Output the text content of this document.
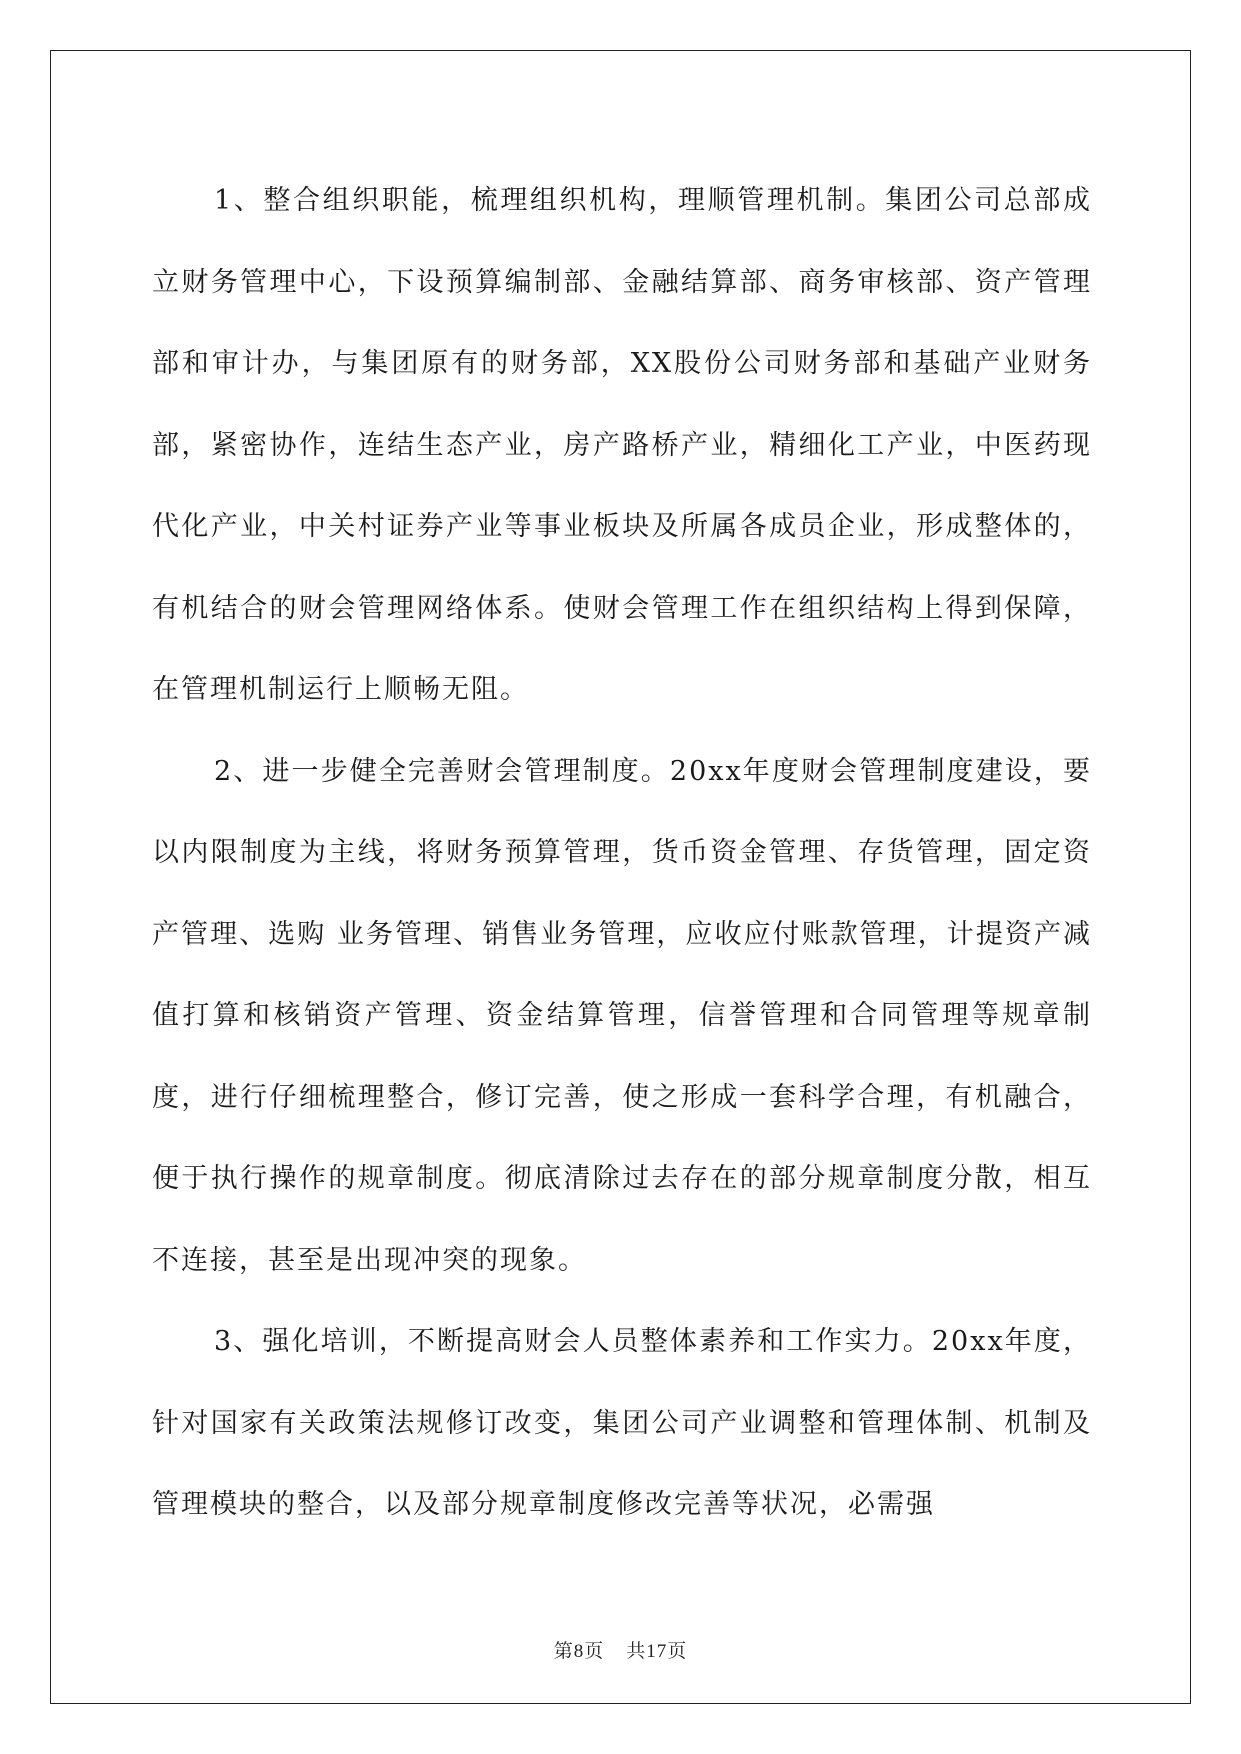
1、整合组织职能，梳理组织机构，理顺管理机制。集团公司总部成立财务管理中心，下设预算编制部、金融结算部、商务审核部、资产管理部和审计办，与集团原有的财务部，XX股份公司财务部和基础产业财务部，紧密协作，连结生态产业，房产路桥产业，精细化工产业，中医药现代化产业，中关村证券产业等事业板块及所属各成员企业，形成整体的，有机结合的财会管理网络体系。使财会管理工作在组织结构上得到保障，在管理机制运行上顺畅无阻。

2、进一步健全完善财会管理制度。20xx年度财会管理制度建设，要以内限制度为主线，将财务预算管理，货币资金管理、存货管理，固定资产管理、选购 业务管理、销售业务管理，应收应付账款管理，计提资产减值打算和核销资产管理、资金结算管理，信誉管理和合同管理等规章制度，进行仔细梳理整合，修订完善，使之形成一套科学合理，有机融合，便于执行操作的规章制度。彻底清除过去存在的部分规章制度分散，相互不连接，甚至是出现冲突的现象。

3、强化培训，不断提高财会人员整体素养和工作实力。20xx年度，针对国家有关政策法规修订改变，集团公司产业调整和管理体制、机制及管理模块的整合，以及部分规章制度修改完善等状况，必需强

第8页 共17页
